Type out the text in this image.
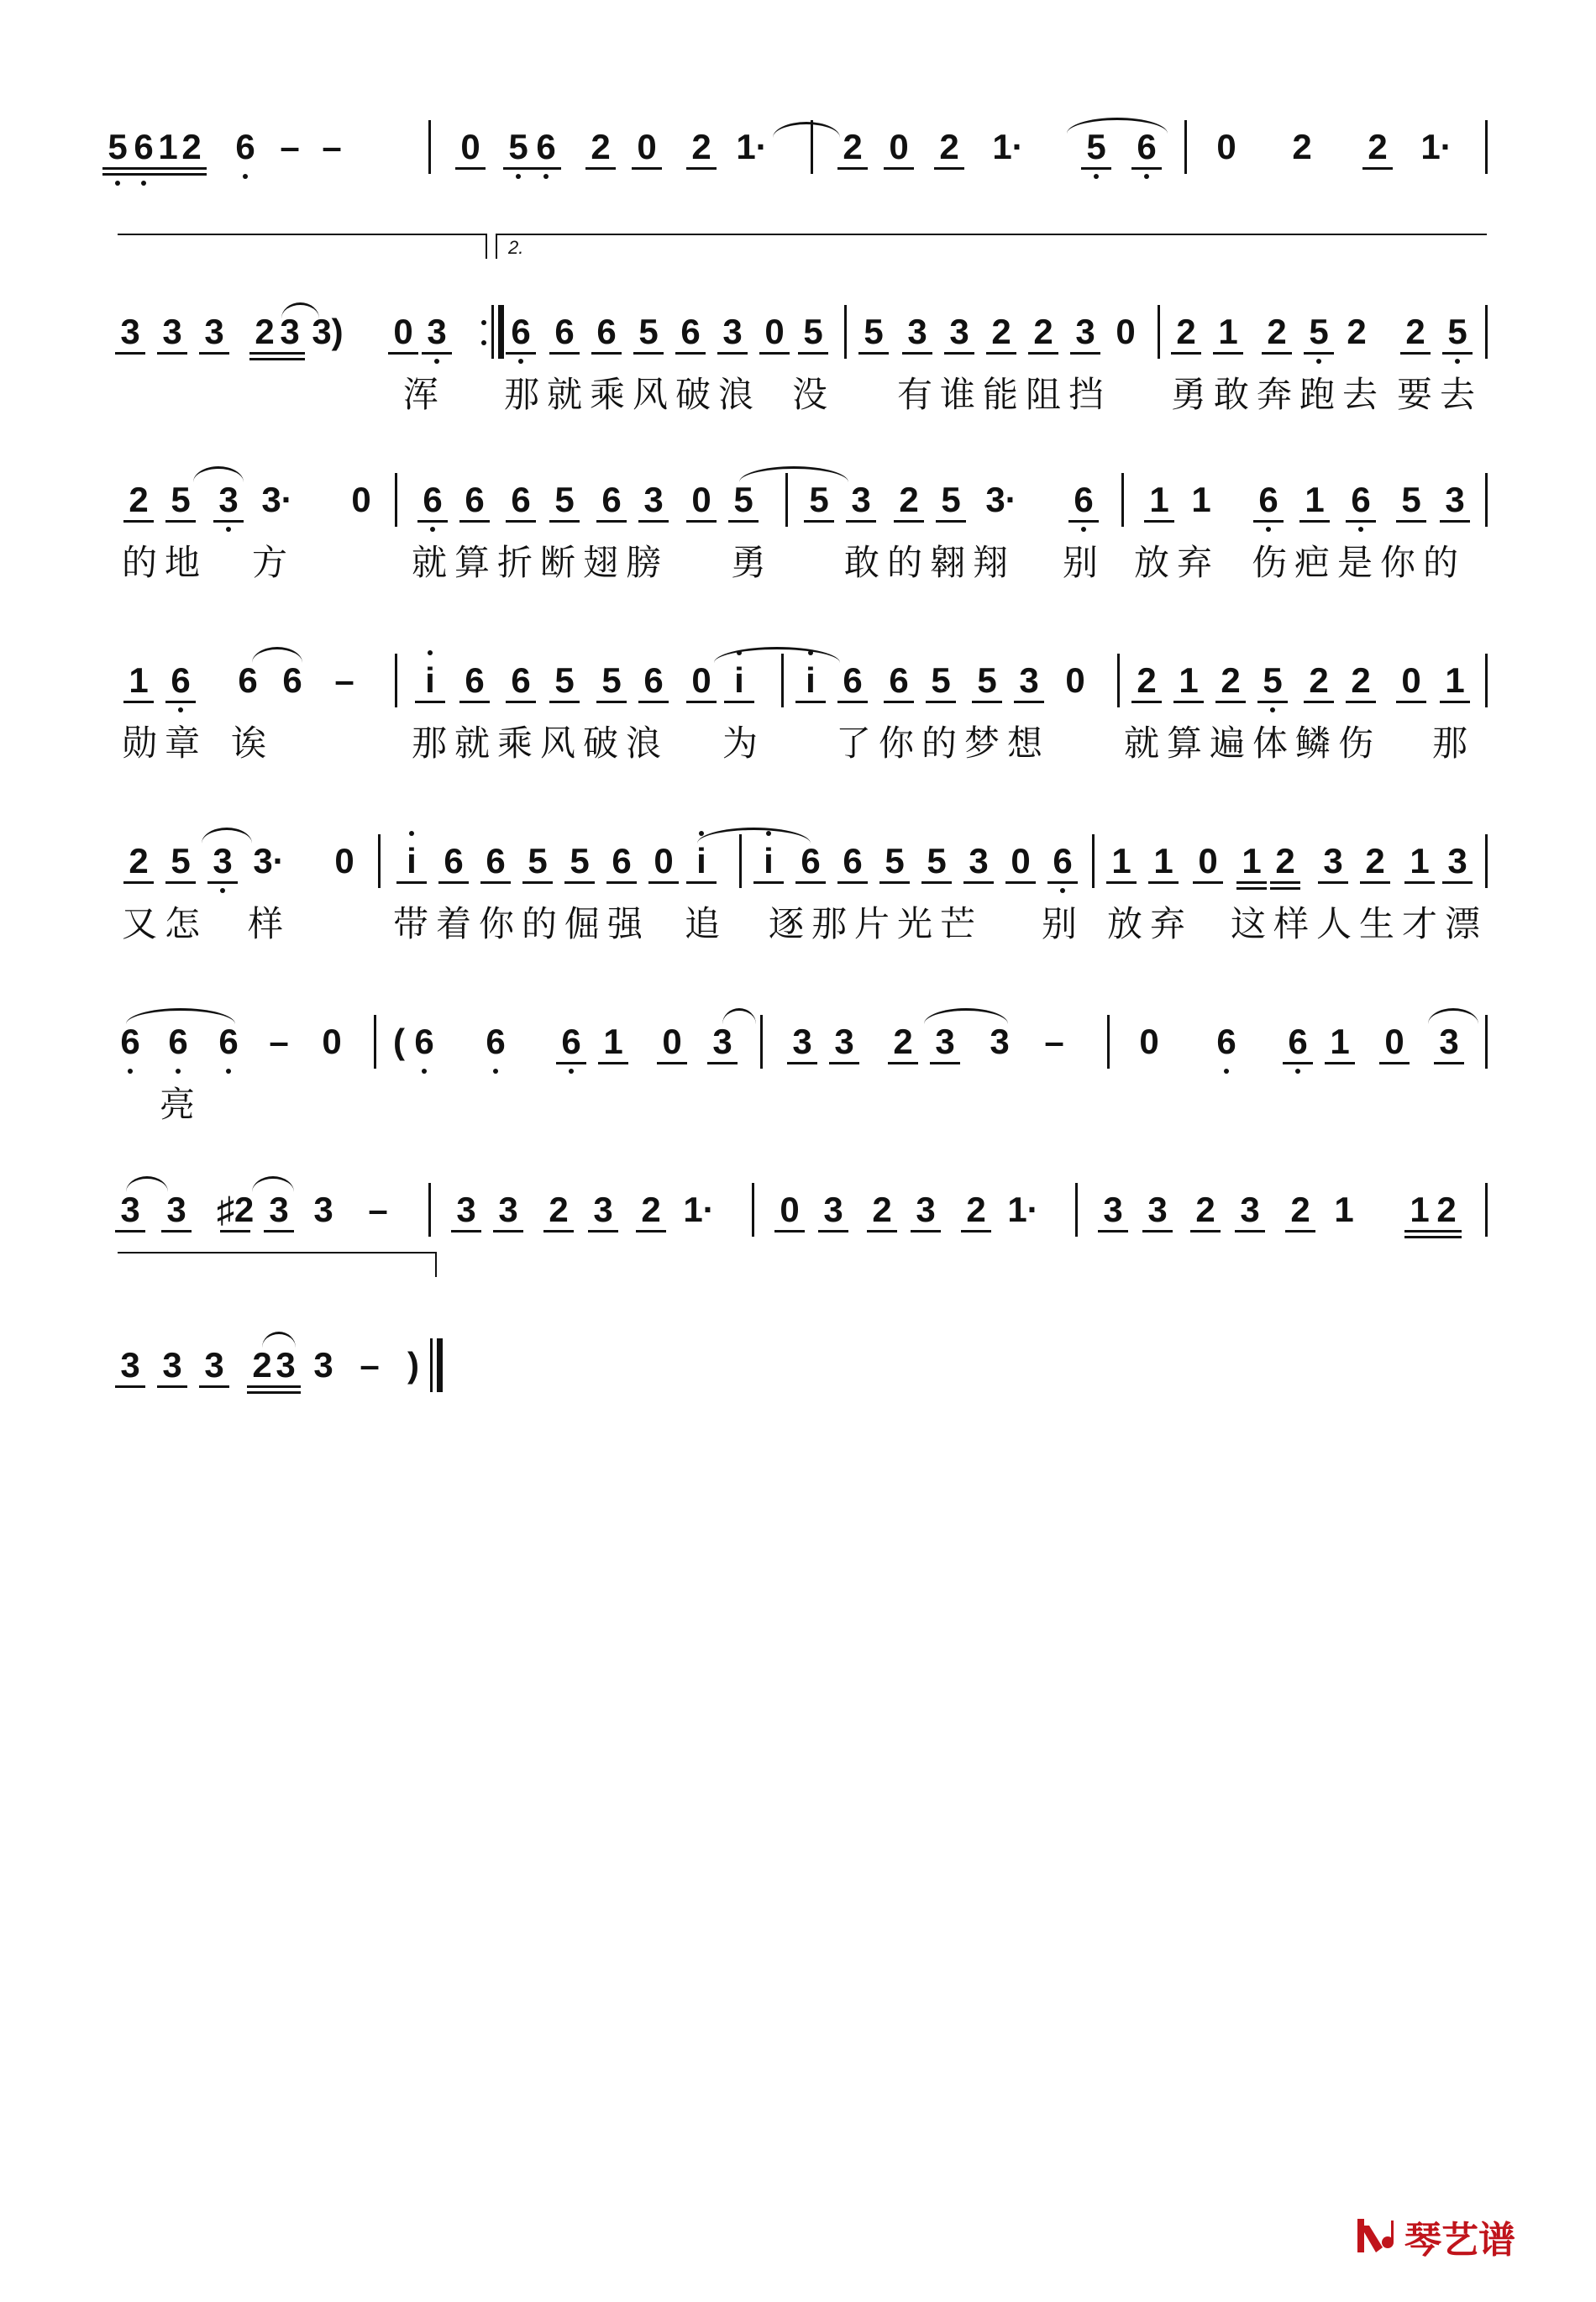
5 6 1 2 6 – –	0 5 6 2 0 2 1·	2 0 2 1·	5 6 0 2 2 1·
3 3 3 2 3 3)	0 3 6 6 6 5 6 3 0 5 5 3 3 2 2 3 0 2 1 2 5 2 2 5
浑 那就乘风破浪 没 有谁能阻挡 勇敢奔跑去 要去
2 5 3 3·	0 6 6 6 5 6 3 0 5 5 3 2 5 3·	6 1 1 6 1 6 5 3
的地 方	就算折断翅膀 勇 敢的翱翔 别 放弃 伤疤是你的
1 6 6 6 – i 6 6 5 5 6 0 i i 6 6 5 5 3 0 2 1 2 5 2 2 0 1
勋章 诶	那就乘风破浪 为 了你的梦想 就算遍体鳞伤 那
2 5 3 3·	0 i 6 6 5 5 6 0 i i 6 6 5 5 3 0 6 1 1 0 1 2 3 2 1 3
又怎 样	带着你的倔强 追 逐那片光芒 别 放弃 这样人生才漂
6 6 6 – 0 ( 6 6 6 1 0 3 3 3 2 3 3 – 0 6 6 1 0 3
亮
3 3 ♯2 3 3 – 3 3 2 3 2 1·	0 3 2 3 2 1·	3 3 2 3 2 1 1 2
3 3 3 2 3 3 – )
2.
琴艺谱
